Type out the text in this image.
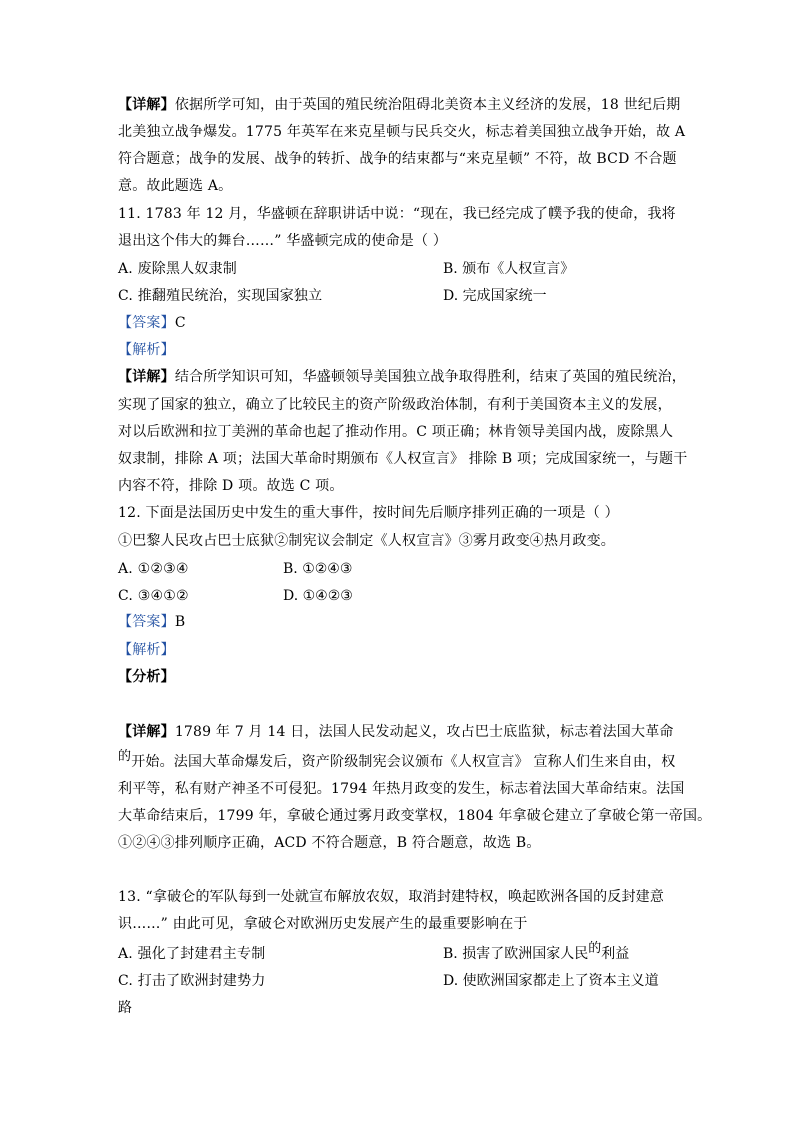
【详解】依据所学可知，由于英国的殖民统治阻碍北美资本主义经济的发展，18 世纪后期
北美独立战争爆发。1775 年英军在来克星顿与民兵交火，标志着美国独立战争开始，故 A
符合题意；战争的发展、战争的转折、战争的结束都与“来克星顿” 不符，故 BCD 不合题
意。故此题选 A。
11. 1783 年 12 月，华盛顿在辞职讲话中说：“现在，我已经完成了幞予我的使命，我将
退出这个伟大的舞台……” 华盛顿完成的使命是（ ）
A. 废除黑人奴隶制	B. 颁布《人权宣言》
C. 推翻殖民统治，实现国家独立	D. 完成国家统一
【答案】C
【解析】
【详解】结合所学知识可知，华盛顿领导美国独立战争取得胜利，结束了英国的殖民统治，
实现了国家的独立，确立了比较民主的资产阶级政治体制，有利于美国资本主义的发展，
对以后欧洲和拉丁美洲的革命也起了推动作用。C 项正确；林肯领导美国内战，废除黑人
奴隶制，排除 A 项；法国大革命时期颁布《人权宣言》 排除 B 项；完成国家统一，与题干
内容不符，排除 D 项。故选 C 项。
12. 下面是法国历史中发生的重大事件，按时间先后顺序排列正确的一项是（ ）
①巴黎人民攻占巴士底狱②制宪议会制定《人权宣言》③雾月政变④热月政变。
A. ①②③④	B. ①②④③
C. ③④①②	D. ①④②③
【答案】B
【解析】
【分析】
【详解】1789 年 7 月 14 日，法国人民发动起义，攻占巴士底监狱，标志着法国大革命
的开始。法国大革命爆发后，资产阶级制宪会议颁布《人权宣言》 宣称人们生来自由，权
利平等，私有财产神圣不可侵犯。1794 年热月政变的发生，标志着法国大革命结束。法国
大革命结束后，1799 年，拿破仑通过雾月政变掌权，1804 年拿破仑建立了拿破仑第一帝国。
①②④③排列顺序正确，ACD 不符合题意，B 符合题意，故选 B。
13. “拿破仑的军队每到一处就宣布解放农奴，取消封建特权，唤起欧洲各国的反封建意
识……” 由此可见，拿破仑对欧洲历史发展产生的最重要影响在于
A. 强化了封建君主专制	B. 损害了欧洲国家人民的利益
C. 打击了欧洲封建势力	D. 使欧洲国家都走上了资本主义道
路
